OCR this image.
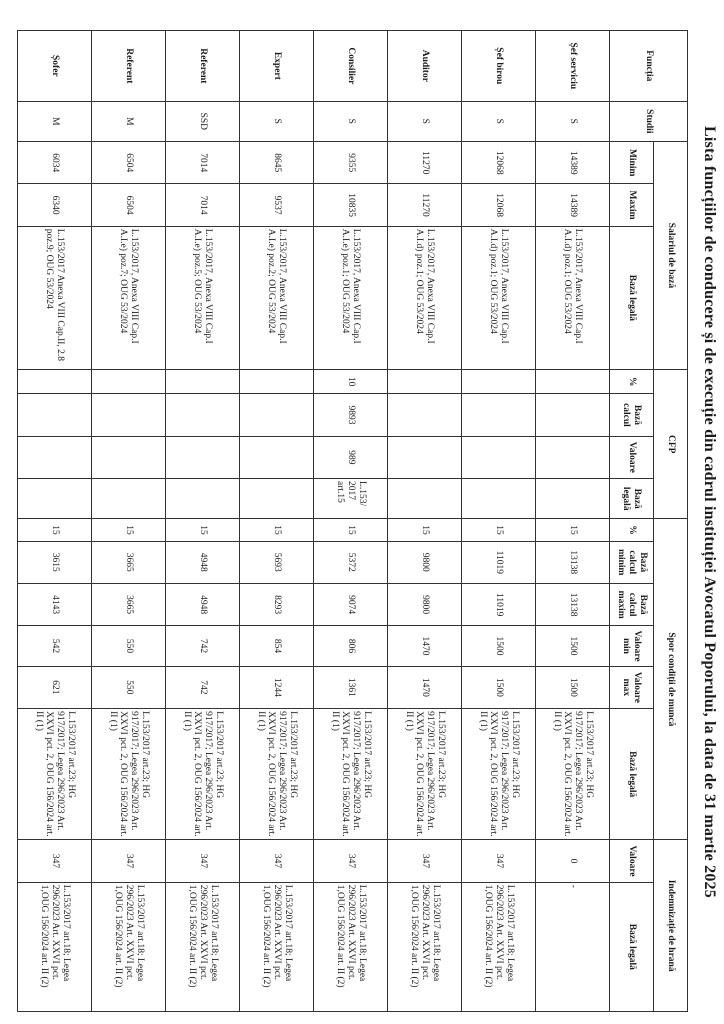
Lista funcțiilor de conducere și de execuție din cadrul instituției Avocatul Poporului, la data de 31 martie 2025
Funcția	Studii	Salariul de bază			CFP				Spor condiții de muncă						Indemnizație de hrană	
		Minim	Maxim	Bază legală	%	Bază calcul	Valoare	Bază legală	%	Bază calcul minim	Bază calcul maxim	Valoare min	Valoare max	Bază legală	Valoare	Bază legală
Șef serviciu	S	14389	14389	L.153/2017, Anexa VIII Cap.I A.I.d) poz.1; OUG 53/2024					15	13138	13138	1500	1500	L.153/2017 art.23; HG 917/2017; Legea 296/2023 Art. XXVI pct. 2, OUG 156/2024 art. II (1)	0	-
Șef birou	S	12068	12068	L.153/2017, Anexa VIII Cap.I A.I.d) poz.1; OUG 53/2024					15	11019	11019	1500	1500	L.153/2017 art.23; HG 917/2017; Legea 296/2023 Art. XXVI pct. 2, OUG 156/2024 art. II (1)	347	L.153/2017 art.18; Legea 296/2023 Art. XXVI pct. 1,OUG 156/2024 art. II (2)
Auditor	S	11270	11270	L.153/2017, Anexa VIII Cap.I A.I.d) poz.1; OUG 53/2024					15	9800	9800	1470	1470	L.153/2017 art.23; HG 917/2017; Legea 296/2023 Art. XXVI pct. 2, OUG 156/2024 art. II (1)	347	L.153/2017 art.18; Legea 296/2023 Art. XXVI pct. 1,OUG 156/2024 art. II (2)
Consilier	S	9355	10835	L.153/2017, Anexa VIII Cap.I A.I.e) poz.1; OUG 53/2024	10	9893	989	L.153/ 2017 art.15	15	5372	9074	806	1361	L.153/2017 art.23; HG 917/2017; Legea 296/2023 Art. XXVI pct. 2, OUG 156/2024 art. II (1)	347	L.153/2017 art.18; Legea 296/2023 Art. XXVI pct. 1,OUG 156/2024 art. II (2)
Expert	S	8645	9537	L.153/2017, Anexa VIII Cap.I A.I.e) poz.2; OUG 53/2024					15	5693	8293	854	1244	L.153/2017 art.23; HG 917/2017; Legea 296/2023 Art. XXVI pct. 2, OUG 156/2024 art. II (1)	347	L.153/2017 art.18; Legea 296/2023 Art. XXVI pct. 1,OUG 156/2024 art. II (2)
Referent	SSD	7014	7014	L.153/2017, Anexa VIII Cap.I A.I.e) poz.5; OUG 53/2024					15	4948	4948	742	742	L.153/2017 art.23; HG 917/2017; Legea 296/2023 Art. XXVI pct. 2, OUG 156/2024 art. II (1)	347	L.153/2017 art.18; Legea 296/2023 Art. XXVI pct. 1,OUG 156/2024 art. II (2)
Referent	M	6504	6504	L.153/2017, Anexa VIII Cap.I A.I.e) poz.7; OUG 53/2024					15	3665	3665	550	550	L.153/2017 art.23; HG 917/2017; Legea 296/2023 Art. XXVI pct. 2, OUG 156/2024 art. II (1)	347	L.153/2017 art.18; Legea 296/2023 Art. XXVI pct. 1,OUG 156/2024 art. II (2)
Șofer	M	6034	6340	L.153/2017 Anexa VIII Cap.II, 2.8 poz.9; OUG 53/2024					15	3615	4143	542	621	L.153/2017 art.23; HG 917/2017; Legea 296/2023 Art. XXVI pct. 2, OUG 156/2024 art. II (1)	347	L.153/2017 art.18; Legea 296/2023 Art. XXVI pct. 1,OUG 156/2024 art. II (2)
